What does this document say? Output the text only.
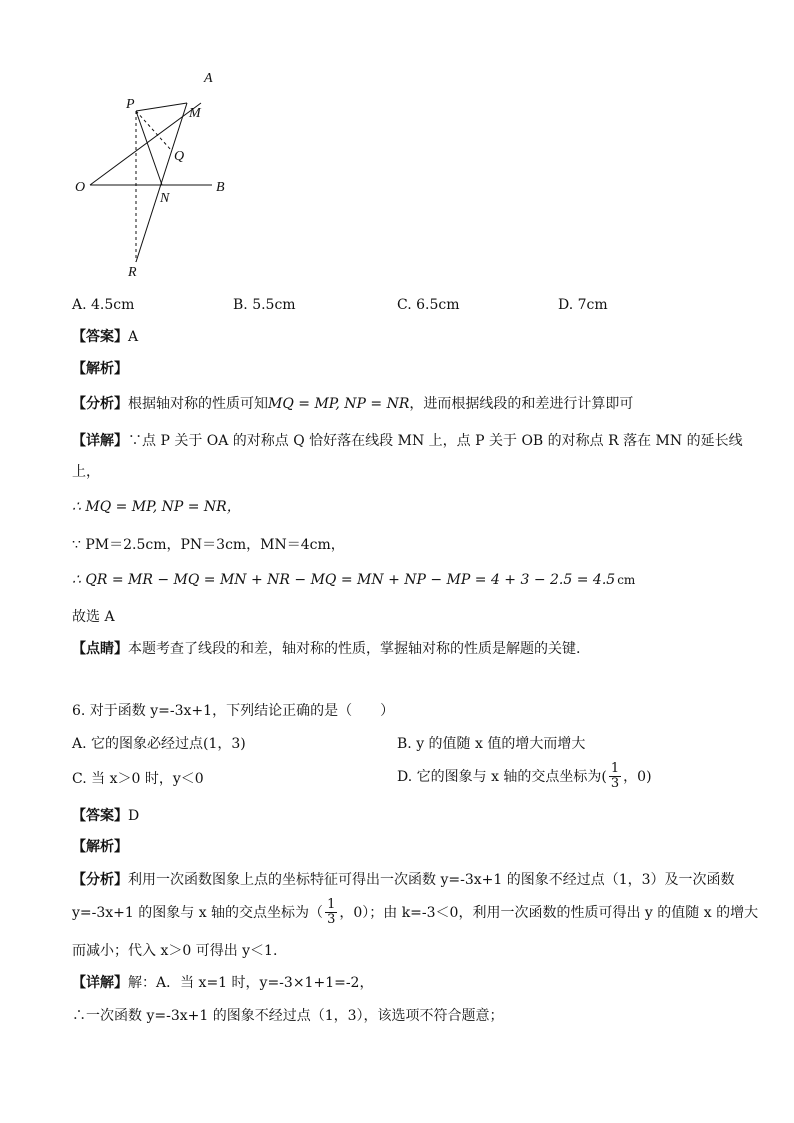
A
P
M
Q
O
N
B
R
A. 4.5cm	B. 5.5cm	C. 6.5cm	D. 7cm
【答案】A
【解析】
【分析】根据轴对称的性质可知MQ = MP, NP = NR，进而根据线段的和差进行计算即可
【详解】∵点 P 关于 OA 的对称点 Q 恰好落在线段 MN 上，点 P 关于 OB 的对称点 R 落在 MN 的延长线
上，
∴ MQ = MP, NP = NR，
∵ PM＝2.5cm，PN＝3cm，MN＝4cm，
∴ QR = MR − MQ = MN + NR − MQ = MN + NP − MP = 4 + 3 − 2.5 = 4.5 cm
故选 A
【点睛】本题考查了线段的和差，轴对称的性质，掌握轴对称的性质是解题的关键.
6. 对于函数 y=-3x+1，下列结论正确的是（　　）
A. 它的图象必经过点(1，3)	B. y 的值随 x 值的增大而增大
C. 当 x＞0 时，y＜0	D. 它的图象与 x 轴的交点坐标为( $\frac{1}{3}$ ，0)
【答案】D
【解析】
【分析】利用一次函数图象上点的坐标特征可得出一次函数 y=-3x+1 的图象不经过点（1，3）及一次函数
y=-3x+1 的图象与 x 轴的交点坐标为（ $\frac{1}{3}$ ，0）；由 k=-3＜0，利用一次函数的性质可得出 y 的值随 x 的增大
而减小；代入 x＞0 可得出 y＜1.
【详解】解：A．当 x=1 时，y=-3×1+1=-2，
∴一次函数 y=-3x+1 的图象不经过点（1，3），该选项不符合题意；
